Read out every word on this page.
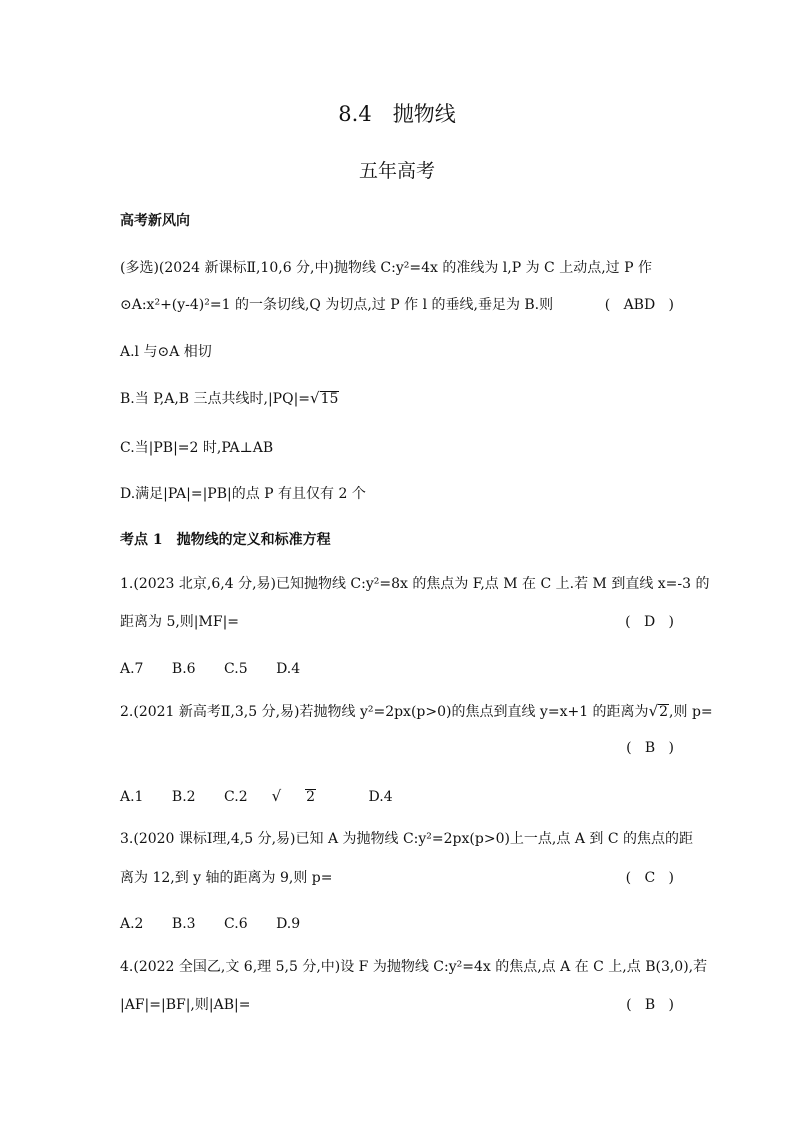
8.4　抛物线
五年高考
高考新风向
(多选)(2024 新课标Ⅱ,10,6 分,中)抛物线 C:y²=4x 的准线为 l,P 为 C 上动点,过 P 作
⊙A:x²+(y-4)²=1 的一条切线,Q 为切点,过 P 作 l 的垂线,垂足为 B.则	(   ABD   )
A.l 与⊙A 相切
B.当 P,A,B 三点共线时,|PQ|=√15
C.当|PB|=2 时,PA⊥AB
D.满足|PA|=|PB|的点 P 有且仅有 2 个
考点 1　抛物线的定义和标准方程
1.(2023 北京,6,4 分,易)已知抛物线 C:y²=8x 的焦点为 F,点 M 在 C 上.若 M 到直线 x=-3 的
距离为 5,则|MF|=	(   D   )
A.7 B.6 C.5 D.4
2.(2021 新高考Ⅱ,3,5 分,易)若抛物线 y²=2px(p>0)的焦点到直线 y=x+1 的距离为√2,则 p=
(   B   )
A.1 B.2 C.2 √ 2	D.4
3.(2020 课标Ⅰ理,4,5 分,易)已知 A 为抛物线 C:y²=2px(p>0)上一点,点 A 到 C 的焦点的距
离为 12,到 y 轴的距离为 9,则 p=	(   C   )
A.2 B.3 C.6 D.9
4.(2022 全国乙,文 6,理 5,5 分,中)设 F 为抛物线 C:y²=4x 的焦点,点 A 在 C 上,点 B(3,0),若
|AF|=|BF|,则|AB|=	(   B   )
